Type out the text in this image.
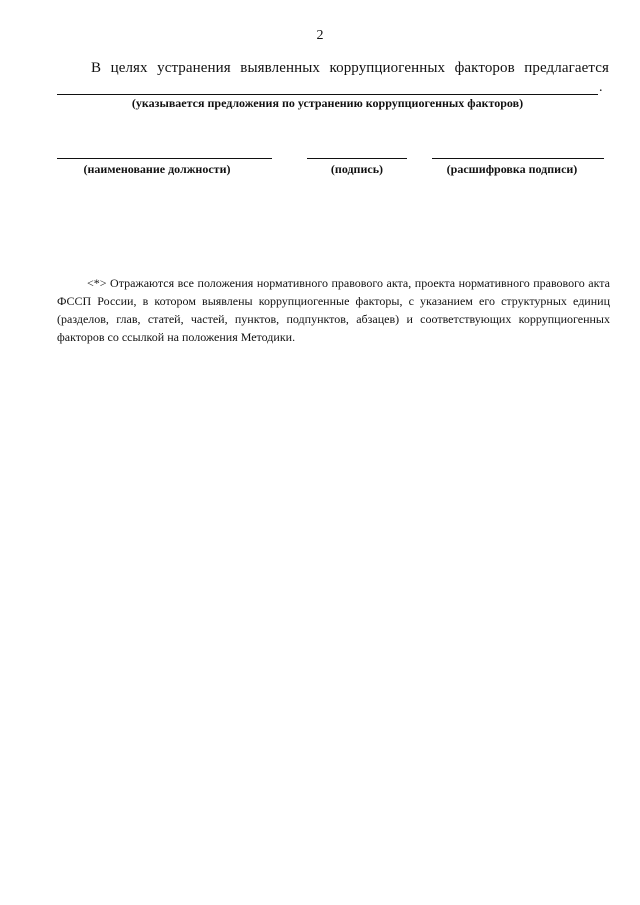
2
В целях устранения выявленных коррупциогенных факторов предлагается
.
(указывается предложения по устранению коррупциогенных факторов)
(наименование должности)	(подпись)	(расшифровка подписи)
<*> Отражаются все положения нормативного правового акта, проекта нормативного правового акта ФССП России, в котором выявлены коррупциогенные факторы, с указанием его структурных единиц (разделов, глав, статей, частей, пунктов, подпунктов, абзацев) и соответствующих коррупциогенных факторов со ссылкой на положения Методики.
